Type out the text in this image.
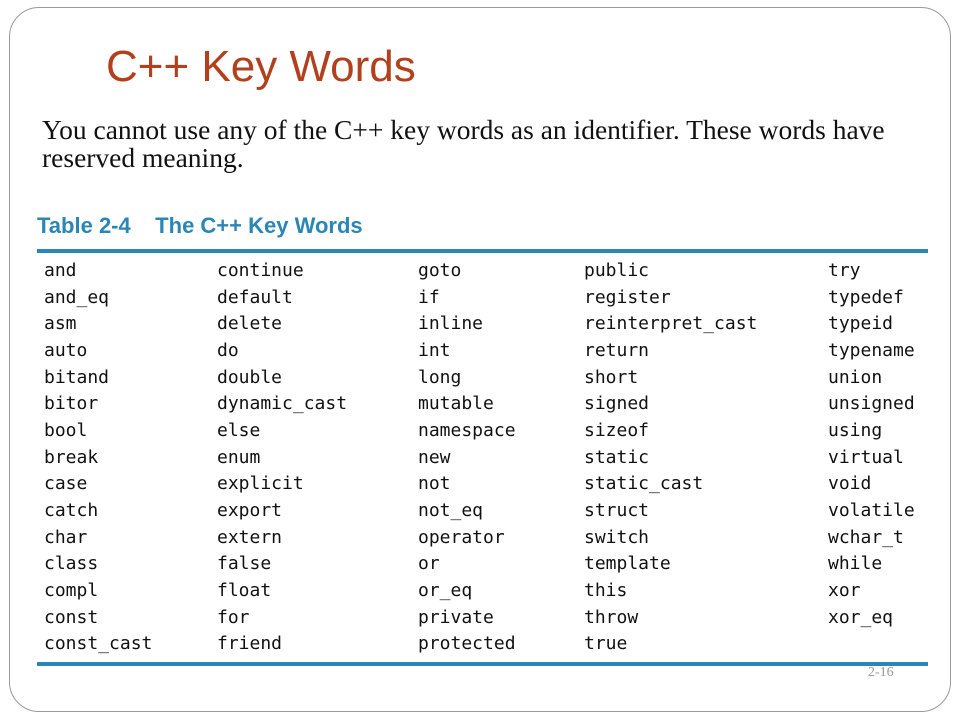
C++ Key Words
You cannot use any of the C++ key words as an identifier. These words have reserved meaning.
Table 2-4    The C++ Key Words
and	continue	goto	public	try
and_eq	default	if	register	typedef
asm	delete	inline	reinterpret_cast	typeid
auto	do	int	return	typename
bitand	double	long	short	union
bitor	dynamic_cast	mutable	signed	unsigned
bool	else	namespace	sizeof	using
break	enum	new	static	virtual
case	explicit	not	static_cast	void
catch	export	not_eq	struct	volatile
char	extern	operator	switch	wchar_t
class	false	or	template	while
compl	float	or_eq	this	xor
const	for	private	throw	xor_eq
const_cast	friend	protected	true
2-16
